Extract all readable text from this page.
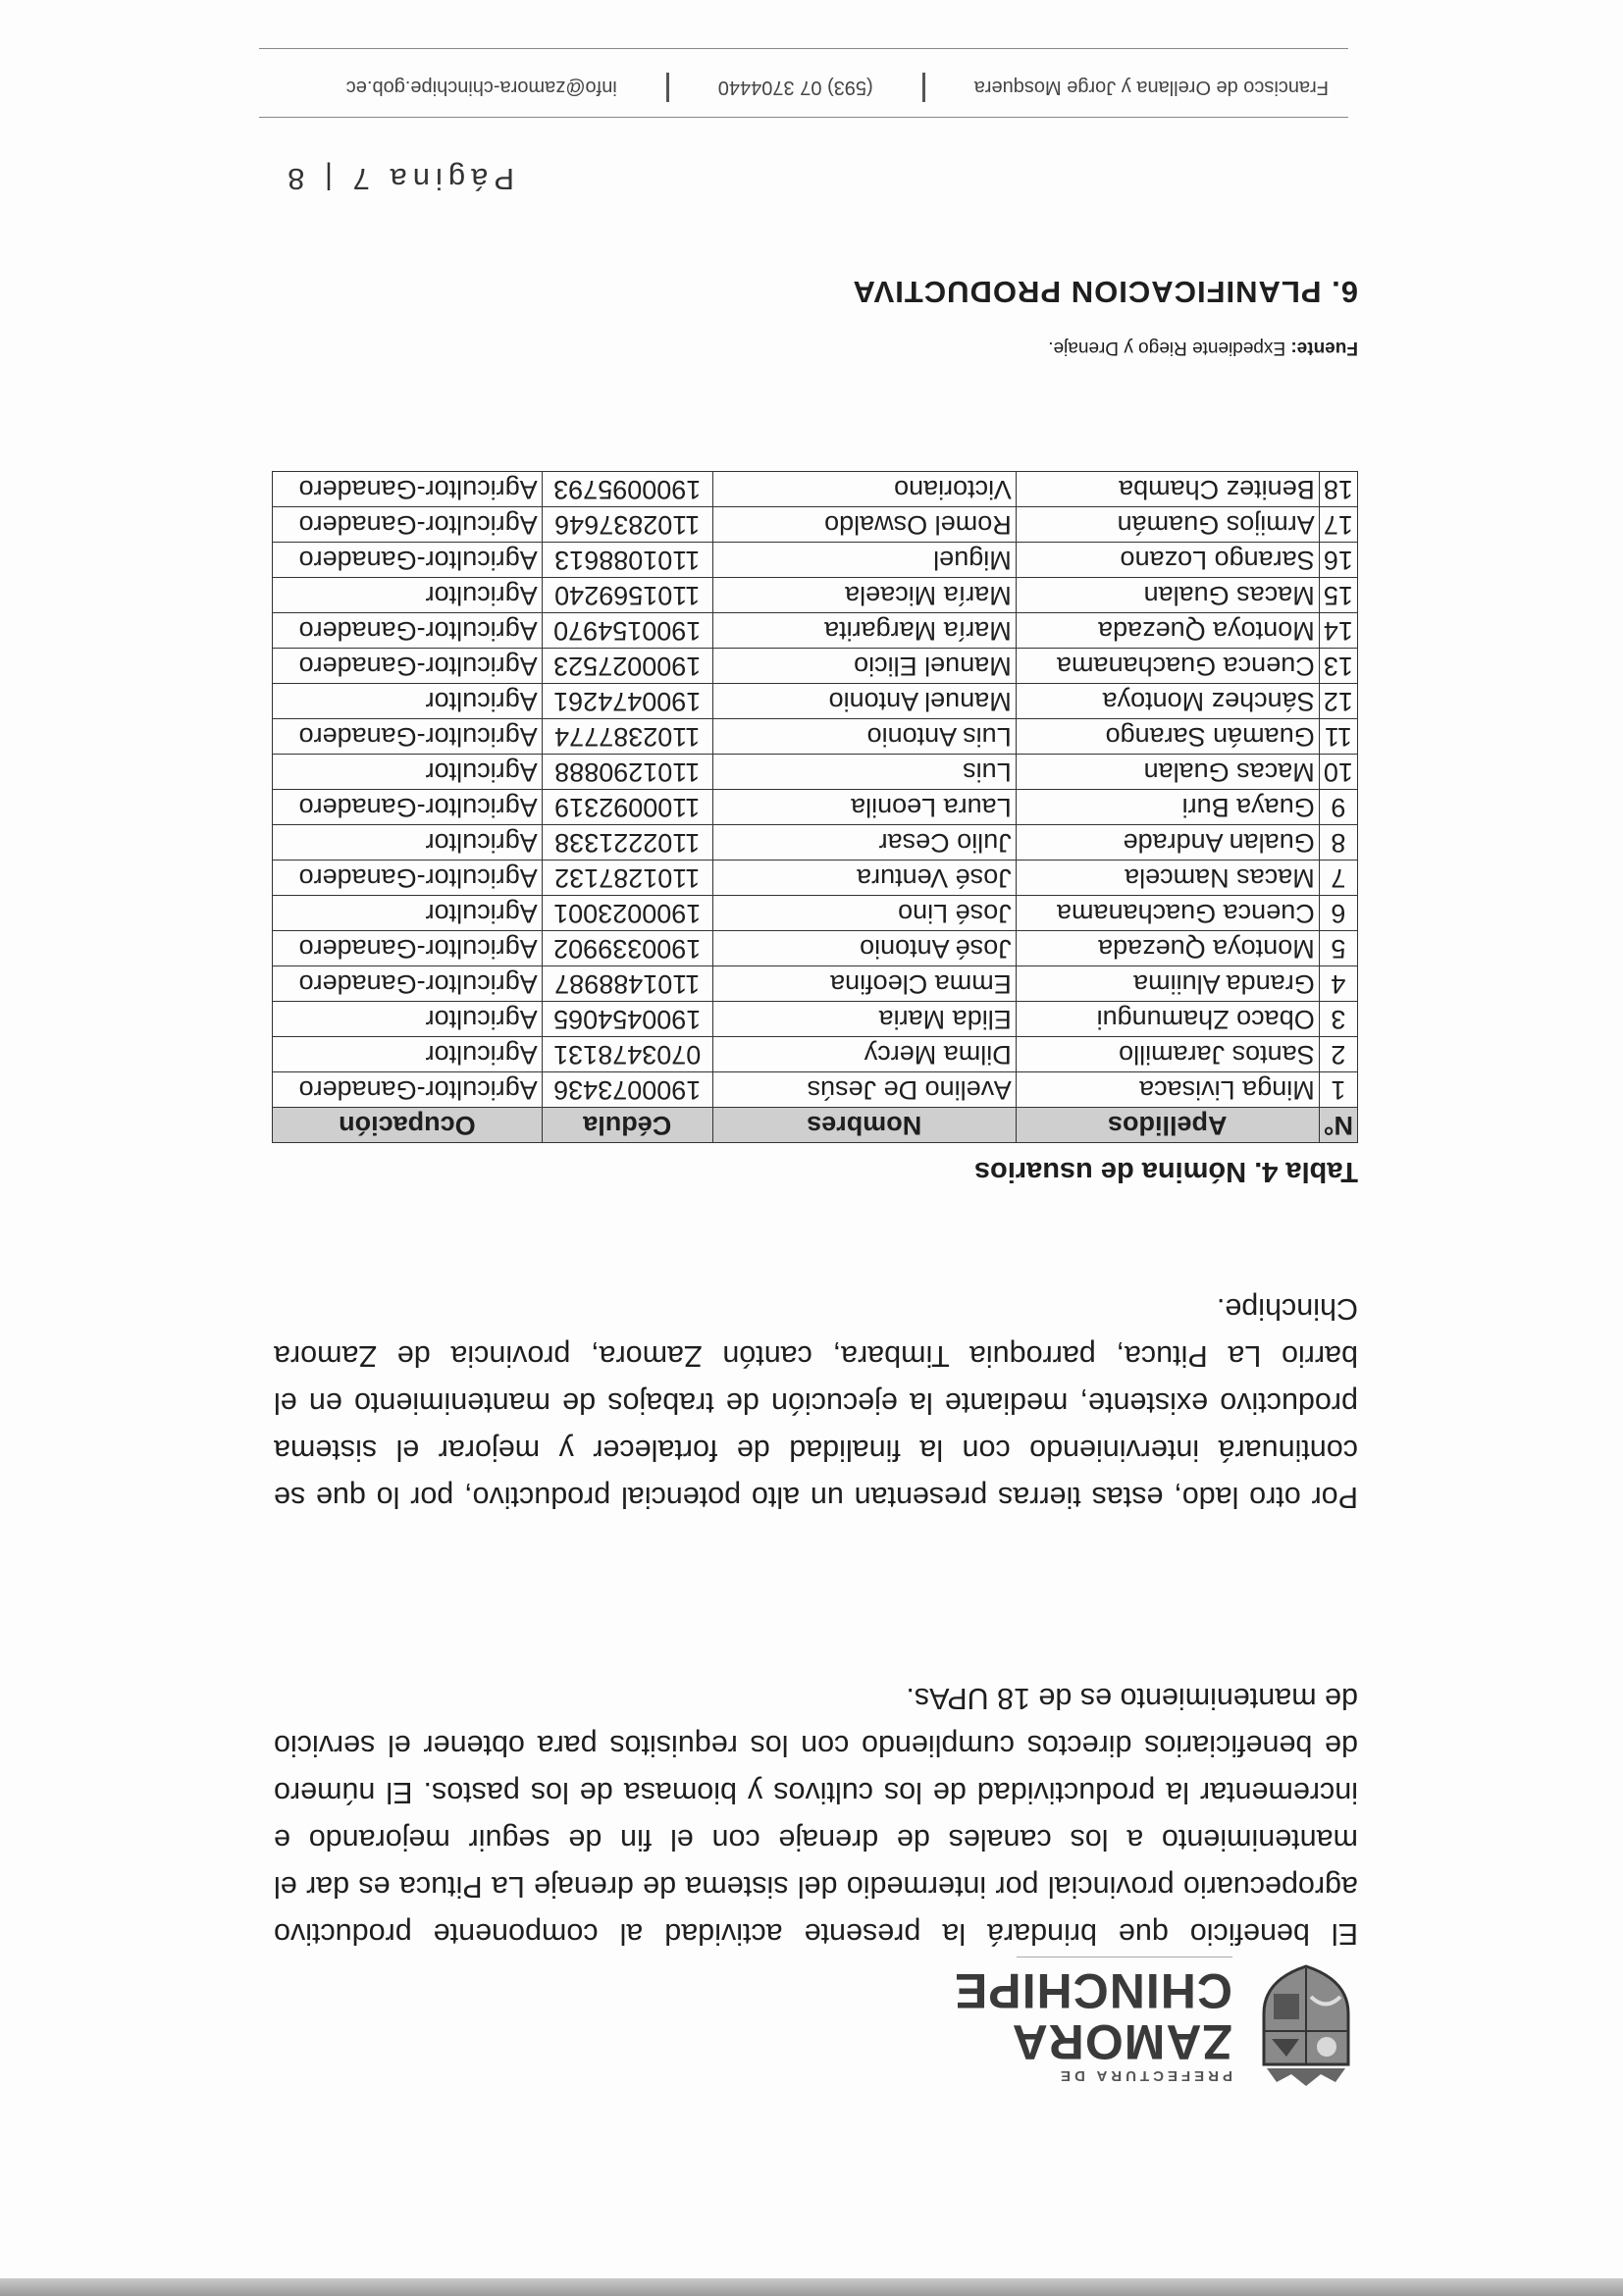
PREFECTURA DE
ZAMORA
CHINCHIPE

El beneficio que brindará la presente actividad al componente productivo agropecuario provincial por intermedio del sistema de drenaje La Pituca es dar el mantenimiento a los canales de drenaje con el fin de seguir mejorando e incrementar la productividad de los cultivos y biomasa de los pastos. El número de beneficiarios directos cumpliendo con los requisitos para obtener el servicio de mantenimiento es de 18 UPAs.

Por otro lado, estas tierras presentan un alto potencial productivo, por lo que se continuará interviniendo con la finalidad de fortalecer y mejorar el sistema productivo existente, mediante la ejecución de trabajos de mantenimiento en el barrio La Pituca, parroquia Timbara, cantón Zamora, provincia de Zamora Chinchipe.

Tabla 4. Nómina de usuarios
N°	Apellidos	Nombres	Cédula	Ocupación
1	Minga Livisaca	Avelino De Jesús	1900073436	Agricultor-Ganadero
2	Santos Jaramillo	Dilma Mercy	0703478131	Agricultor
3	Obaco Zhamungui	Elida Maria	1900454065	Agricultor
4	Granda Aluiima	Emma Cleofina	1101488987	Agricultor-Ganadero
5	Montoya Quezada	José Antonio	1900339902	Agricultor-Ganadero
6	Cuenca Guachanama	José Lino	1900023001	Agricultor
7	Macas Namcela	José Ventura	1101287132	Agricultor-Ganadero
8	Gualan Andrade	Julio Cesar	1102221338	Agricultor
9	Guaya Buri	Laura Leonila	1100092319	Agricultor-Ganadero
10	Macas Gualan	Luis	1101290888	Agricultor
11	Guamán Sarango	Luis Antonio	1102387774	Agricultor-Ganadero
12	Sánchez Montoya	Manuel Antonio	1900474261	Agricultor
13	Cuenca Guachanama	Manuel Elicio	1900027523	Agricultor-Ganadero
14	Montoya Quezada	María Margarita	1900154970	Agricultor-Ganadero
15	Macas Gualan	María Micaela	1101569240	Agricultor
16	Sarango Lozano	Miguel	1101088613	Agricultor-Ganadero
17	Armijos Guamán	Romel Oswaldo	1102837646	Agricultor-Ganadero
18	Benitez Chamba	Victoriano	1900095793	Agricultor-Ganadero
Fuente: Expediente Riego y Drenaje.
6. PLANIFICACION PRODUCTIVA
Página 7 | 8
Francisco de Orellana y Jorge Mosquera
(593) 07 3704440
info@zamora-chinchipe.gob.ec
